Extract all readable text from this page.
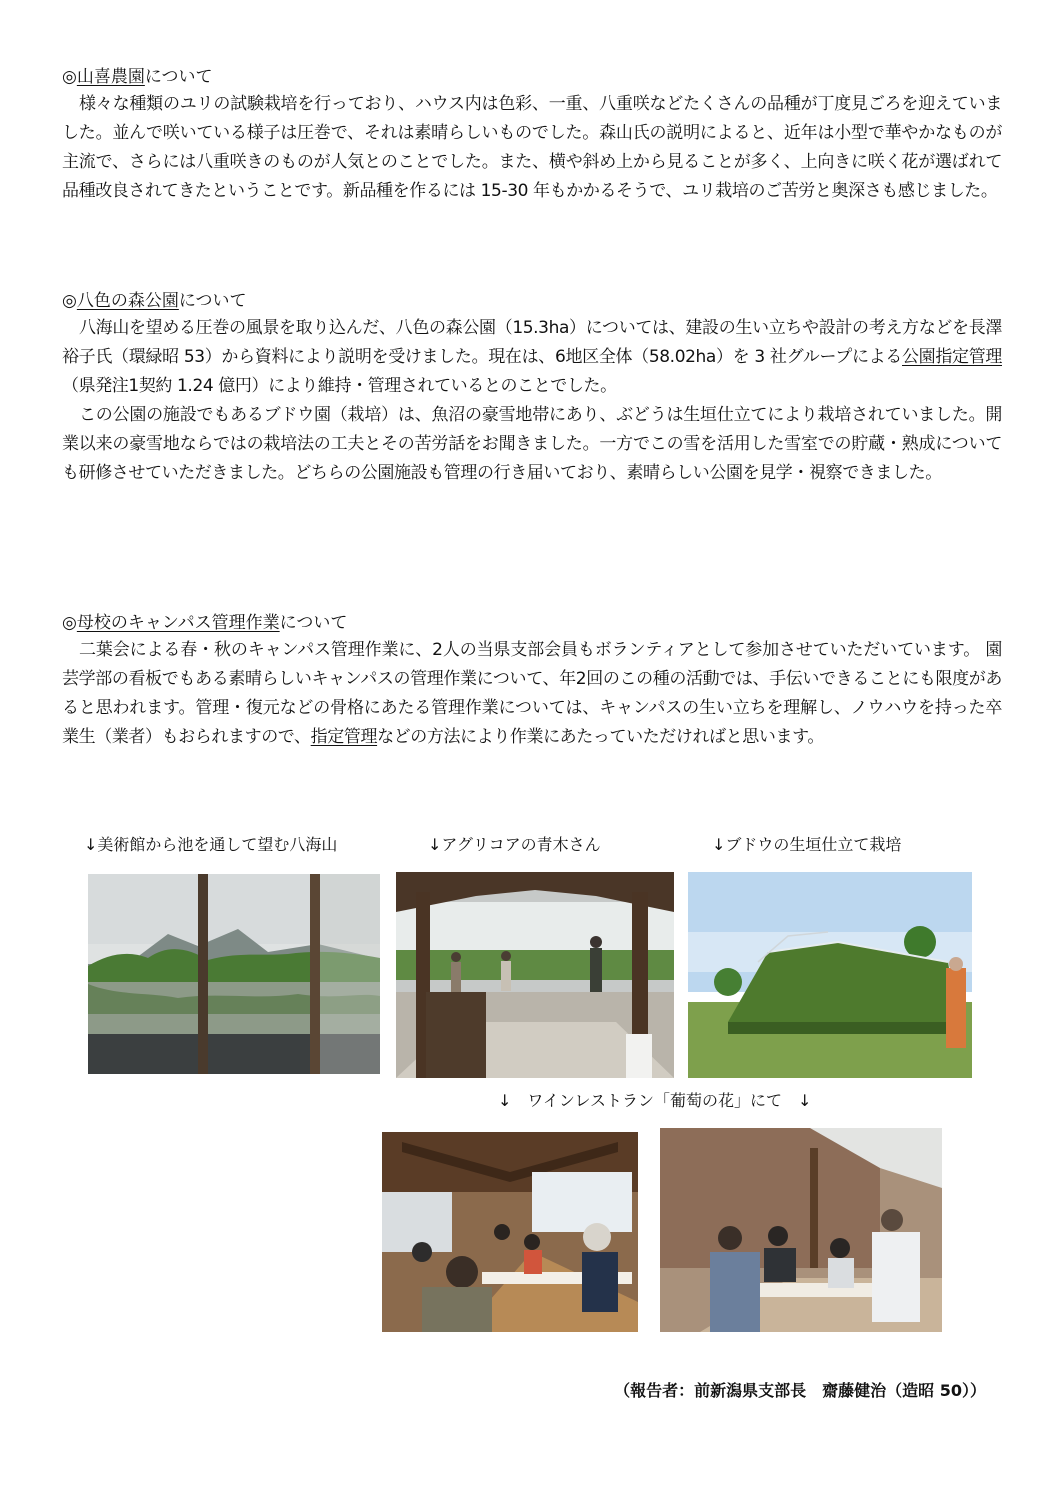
◎山喜農園について

様々な種類のユリの試験栽培を行っており、ハウス内は色彩、一重、八重咲などたくさんの品種が丁度見ごろを迎えていました。並んで咲いている様子は圧巻で、それは素晴らしいものでした。森山氏の説明によると、近年は小型で華やかなものが主流で、さらには八重咲きのものが人気とのことでした。また、横や斜め上から見ることが多く、上向きに咲く花が選ばれて品種改良されてきたということです。新品種を作るには 15-30 年もかかるそうで、ユリ栽培のご苦労と奥深さも感じました。

◎八色の森公園について

八海山を望める圧巻の風景を取り込んだ、八色の森公園（15.3ha）については、建設の生い立ちや設計の考え方などを長澤裕子氏（環緑昭 53）から資料により説明を受けました。現在は、6地区全体（58.02ha）を 3 社グループによる公園指定管理（県発注1契約 1.24 億円）により維持・管理されているとのことでした。

この公園の施設でもあるブドウ園（栽培）は、魚沼の豪雪地帯にあり、ぶどうは生垣仕立てにより栽培されていました。開業以来の豪雪地ならではの栽培法の工夫とその苦労話をお聞きました。一方でこの雪を活用した雪室での貯蔵・熟成についても研修させていただきました。どちらの公園施設も管理の行き届いており、素晴らしい公園を見学・視察できました。

◎母校のキャンパス管理作業について

二葉会による春・秋のキャンパス管理作業に、2人の当県支部会員もボランティアとして参加させていただいています。 園芸学部の看板でもある素晴らしいキャンパスの管理作業について、年2回のこの種の活動では、手伝いできることにも限度があると思われます。管理・復元などの骨格にあたる管理作業については、キャンパスの生い立ちを理解し、ノウハウを持った卒業生（業者）もおられますので、指定管理などの方法により作業にあたっていただければと思います。

↓美術館から池を通して望む八海山	↓アグリコアの青木さん	↓ブドウの生垣仕立て栽培
↓　ワインレストラン「葡萄の花」にて　↓
（報告者：前新潟県支部長　齋藤健治（造昭 50））
